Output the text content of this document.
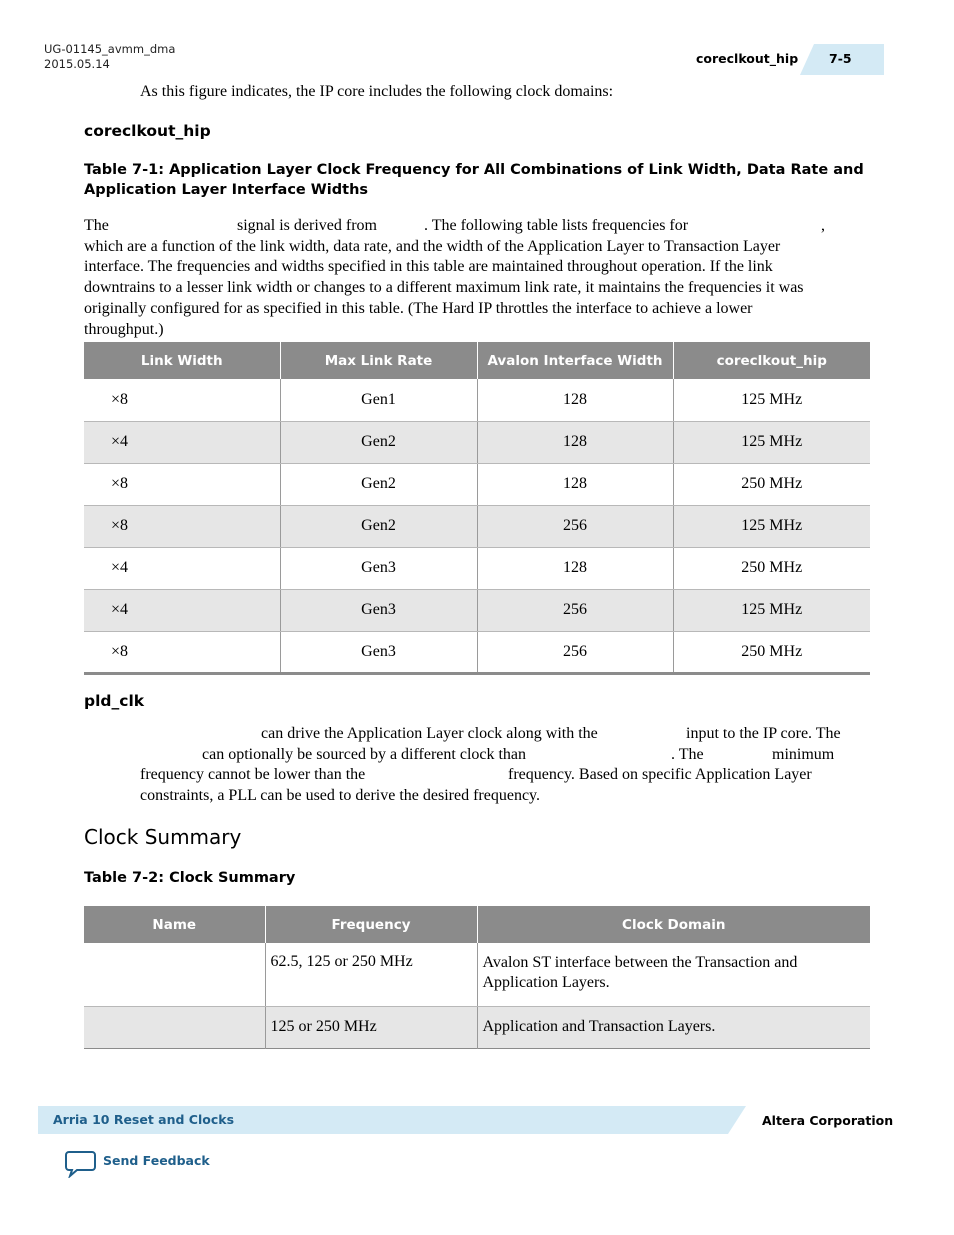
UG-01145_avmm_dma
2015.05.14	coreclkout_hip 7-5
As this figure indicates, the IP core includes the following clock domains:
coreclkout_hip
Table 7-1: Application Layer Clock Frequency for All Combinations of Link Width, Data Rate and
Application Layer Interface Widths
The	signal is derived from	. The following table lists frequencies for	,
which are a function of the link width, data rate, and the width of the Application Layer to Transaction Layer
interface. The frequencies and widths specified in this table are maintained throughout operation. If the link
downtrains to a lesser link width or changes to a different maximum link rate, it maintains the frequencies it was
originally configured for as specified in this table. (The Hard IP throttles the interface to achieve a lower
throughput.)
Link Width	Max Link Rate	Avalon Interface Width	coreclkout_hip
×8	Gen1	128	125 MHz
×4	Gen2	128	125 MHz
×8	Gen2	128	250 MHz
×8	Gen2	256	125 MHz
×4	Gen3	128	250 MHz
×4	Gen3	256	125 MHz
×8	Gen3	256	250 MHz
pld_clk
can drive the Application Layer clock along with the	input to the IP core. The
can optionally be sourced by a different clock than	. The	minimum
frequency cannot be lower than the	frequency. Based on specific Application Layer
constraints, a PLL can be used to derive the desired frequency.
Clock Summary
Table 7-2: Clock Summary
Name	Frequency	Clock Domain
	62.5, 125 or 250 MHz	Avalon ST interface between the Transaction and Application Layers.
	125 or 250 MHz	Application and Transaction Layers.
Arria 10 Reset and Clocks	Altera Corporation
Send Feedback
